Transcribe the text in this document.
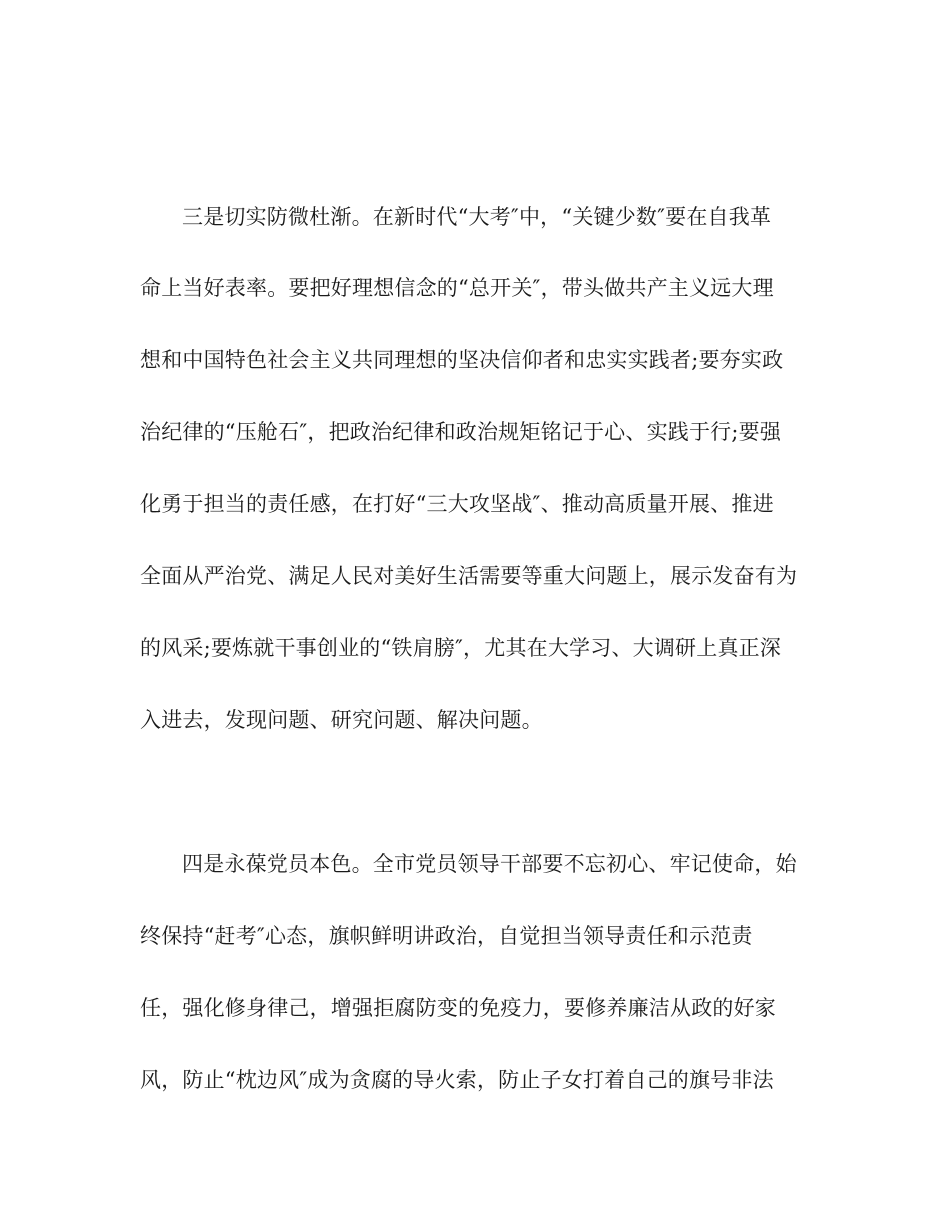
三是切实防微杜渐。在新时代“大考″中，“关键少数″要在自我革

命上当好表率。要把好理想信念的“总开关″，带头做共产主义远大理

想和中国特色社会主义共同理想的坚决信仰者和忠实实践者;要夯实政

治纪律的“压舱石″，把政治纪律和政治规矩铭记于心、实践于行;要强

化勇于担当的责任感，在打好“三大攻坚战″、推动高质量开展、推进

全面从严治党、满足人民对美好生活需要等重大问题上，展示发奋有为

的风采;要炼就干事创业的“铁肩膀″，尤其在大学习、大调研上真正深

入进去，发现问题、研究问题、解决问题。

四是永葆党员本色。全市党员领导干部要不忘初心、牢记使命，始

终保持“赶考″心态，旗帜鲜明讲政治，自觉担当领导责任和示范责

任，强化修身律己，增强拒腐防变的免疫力，要修养廉洁从政的好家

风，防止“枕边风″成为贪腐的导火索，防止子女打着自己的旗号非法
